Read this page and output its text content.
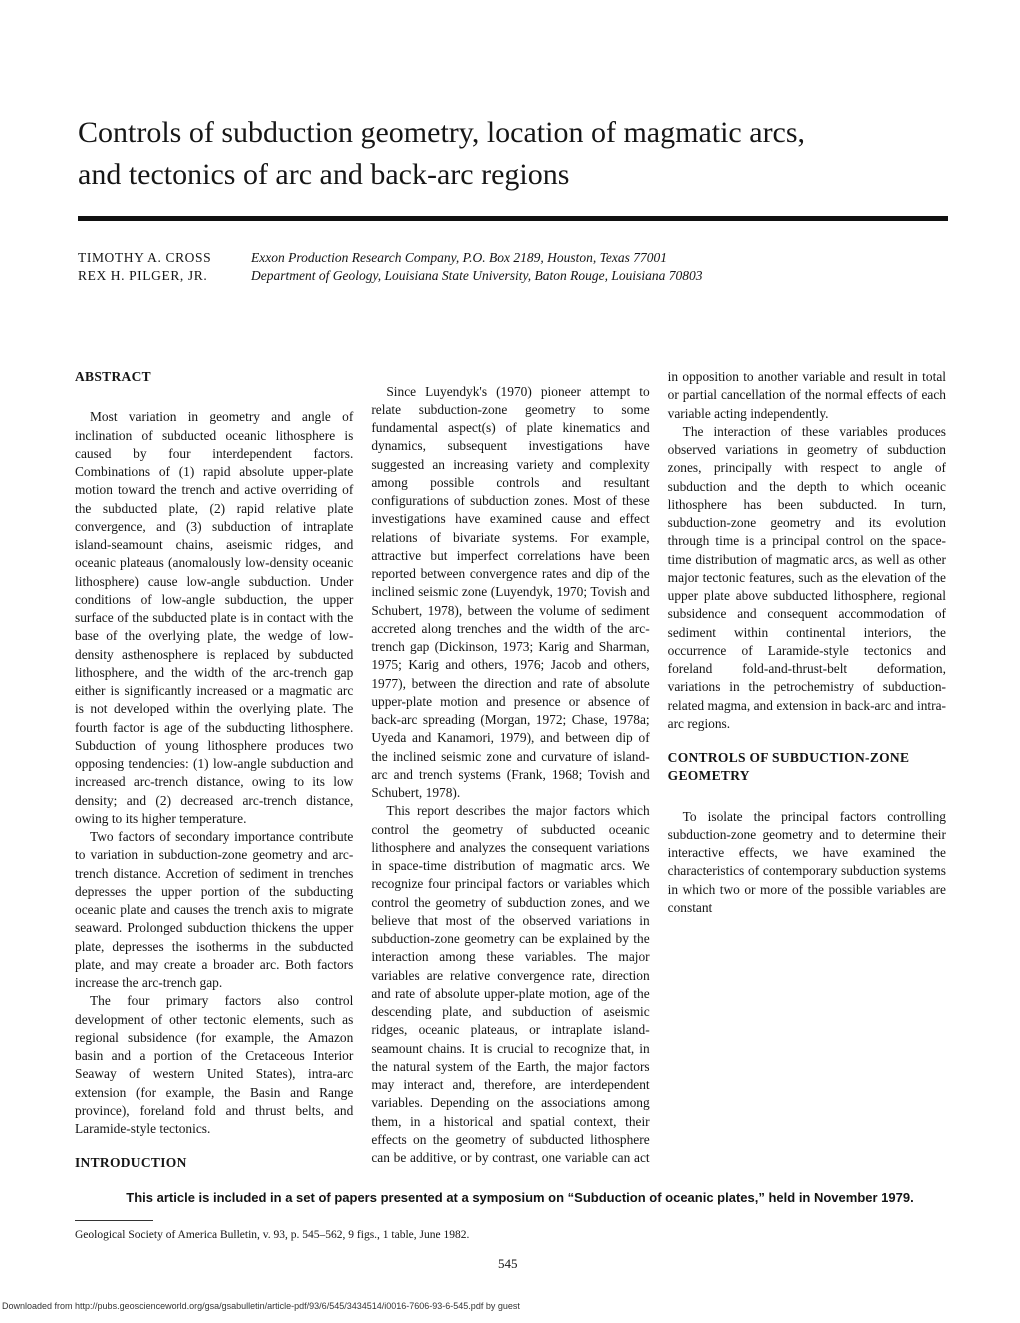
Controls of subduction geometry, location of magmatic arcs,
and tectonics of arc and back-arc regions
TIMOTHY A. CROSS	Exxon Production Research Company, P.O. Box 2189, Houston, Texas 77001
REX H. PILGER, JR.	Department of Geology, Louisiana State University, Baton Rouge, Louisiana 70803
This article is included in a set of papers presented at a symposium on “Subduction of oceanic plates,” held in November 1979.
Geological Society of America Bulletin, v. 93, p. 545–562, 9 figs., 1 table, June 1982.
545
Downloaded from http://pubs.geoscienceworld.org/gsa/gsabulletin/article-pdf/93/6/545/3434514/i0016-7606-93-6-545.pdf by guest

ABSTRACT

Most variation in geometry and angle of inclination of subducted oceanic lithosphere is caused by four interdependent factors. Combinations of (1) rapid absolute upper-plate motion toward the trench and active overriding of the subducted plate, (2) rapid relative plate convergence, and (3) subduction of intraplate island-seamount chains, aseismic ridges, and oceanic plateaus (anomalously low-density oceanic lithosphere) cause low-angle subduction. Under conditions of low-angle subduction, the upper surface of the subducted plate is in contact with the base of the overlying plate, the wedge of low-density asthenosphere is replaced by subducted lithosphere, and the width of the arc-trench gap either is significantly increased or a magmatic arc is not developed within the overlying plate. The fourth factor is age of the subducting lithosphere. Subduction of young lithosphere produces two opposing tendencies: (1) low-angle subduction and increased arc-trench distance, owing to its low density; and (2) decreased arc-trench distance, owing to its higher temperature.

Two factors of secondary importance contribute to variation in subduction-zone geometry and arc-trench distance. Accretion of sediment in trenches depresses the upper portion of the subducting oceanic plate and causes the trench axis to migrate seaward. Prolonged subduction thickens the upper plate, depresses the isotherms in the subducted plate, and may create a broader arc. Both factors increase the arc-trench gap.

The four primary factors also control development of other tectonic elements, such as regional subsidence (for example, the Amazon basin and a portion of the Cretaceous Interior Seaway of western United States), intra-arc extension (for example, the Basin and Range province), foreland fold and thrust belts, and Laramide-style tectonics.

INTRODUCTION

Since Luyendyk's (1970) pioneer attempt to relate subduction-zone geometry to some fundamental aspect(s) of plate kinematics and dynamics, subsequent investigations have suggested an increasing variety and complexity among possible controls and resultant configurations of subduction zones. Most of these investigations have examined cause and effect relations of bivariate systems. For example, attractive but imperfect correlations have been reported between convergence rates and dip of the inclined seismic zone (Luyendyk, 1970; Tovish and Schubert, 1978), between the volume of sediment accreted along trenches and the width of the arc-trench gap (Dickinson, 1973; Karig and Sharman, 1975; Karig and others, 1976; Jacob and others, 1977), between the direction and rate of absolute upper-plate motion and presence or absence of back-arc spreading (Morgan, 1972; Chase, 1978a; Uyeda and Kanamori, 1979), and between dip of the inclined seismic zone and curvature of island-arc and trench systems (Frank, 1968; Tovish and Schubert, 1978).

This report describes the major factors which control the geometry of subducted oceanic lithosphere and analyzes the consequent variations in space-time distribution of magmatic arcs. We recognize four principal factors or variables which control the geometry of subduction zones, and we believe that most of the observed variations in subduction-zone geometry can be explained by the interaction among these variables. The major variables are relative convergence rate, direction and rate of absolute upper-plate motion, age of the descending plate, and subduction of aseismic ridges, oceanic plateaus, or intraplate island-seamount chains. It is crucial to recognize that, in the natural system of the Earth, the major factors may interact and, therefore, are interdependent variables. Depending on the associations among them, in a historical and spatial context, their effects on the geometry of subducted lithosphere can be additive, or by contrast, one variable can act in opposition to another variable and result in total or partial cancellation of the normal effects of each variable acting independently.

The interaction of these variables produces observed variations in geometry of subduction zones, principally with respect to angle of subduction and the depth to which oceanic lithosphere has been subducted. In turn, subduction-zone geometry and its evolution through time is a principal control on the space-time distribution of magmatic arcs, as well as other major tectonic features, such as the elevation of the upper plate above subducted lithosphere, regional subsidence and consequent accommodation of sediment within continental interiors, the occurrence of Laramide-style tectonics and foreland fold-and-thrust-belt deformation, variations in the petrochemistry of subduction-related magma, and extension in back-arc and intra-arc regions.

CONTROLS OF SUBDUCTION-ZONE GEOMETRY

To isolate the principal factors controlling subduction-zone geometry and to determine their interactive effects, we have examined the characteristics of contemporary subduction systems in which two or more of the possible variables are constant
